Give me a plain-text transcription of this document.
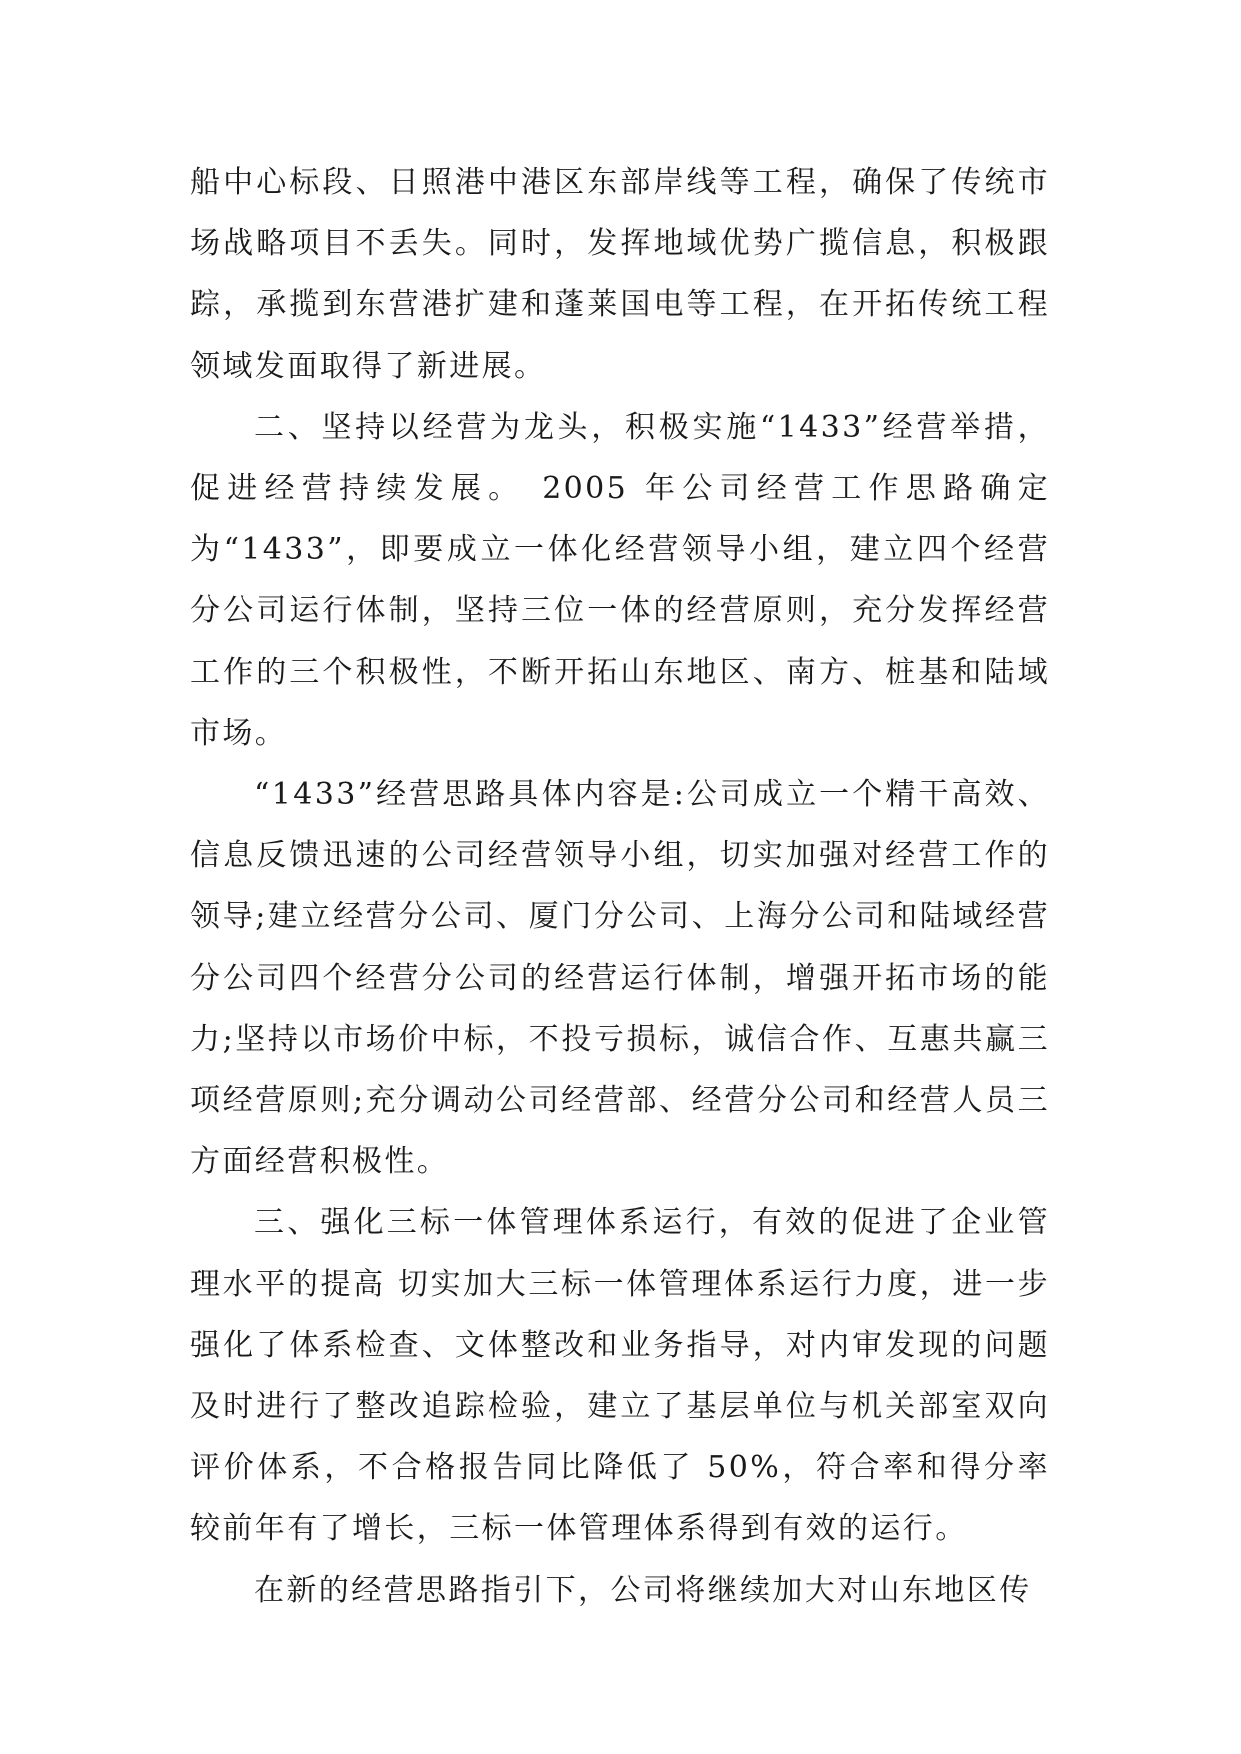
船中心标段、日照港中港区东部岸线等工程，确保了传统市场战略项目不丢失。同时，发挥地域优势广揽信息，积极跟踪，承揽到东营港扩建和蓬莱国电等工程，在开拓传统工程领域发面取得了新进展。

二、坚持以经营为龙头，积极实施“1433”经营举措，促进经营持续发展。 2005 年公司经营工作思路确定为“1433”，即要成立一体化经营领导小组，建立四个经营分公司运行体制，坚持三位一体的经营原则，充分发挥经营工作的三个积极性，不断开拓山东地区、南方、桩基和陆域市场。

“1433”经营思路具体内容是:公司成立一个精干高效、信息反馈迅速的公司经营领导小组，切实加强对经营工作的领导;建立经营分公司、厦门分公司、上海分公司和陆域经营分公司四个经营分公司的经营运行体制，增强开拓市场的能力;坚持以市场价中标，不投亏损标，诚信合作、互惠共赢三项经营原则;充分调动公司经营部、经营分公司和经营人员三方面经营积极性。

三、强化三标一体管理体系运行，有效的促进了企业管理水平的提高 切实加大三标一体管理体系运行力度，进一步强化了体系检查、文体整改和业务指导，对内审发现的问题及时进行了整改追踪检验，建立了基层单位与机关部室双向评价体系，不合格报告同比降低了 50%，符合率和得分率较前年有了增长，三标一体管理体系得到有效的运行。

在新的经营思路指引下，公司将继续加大对山东地区传
